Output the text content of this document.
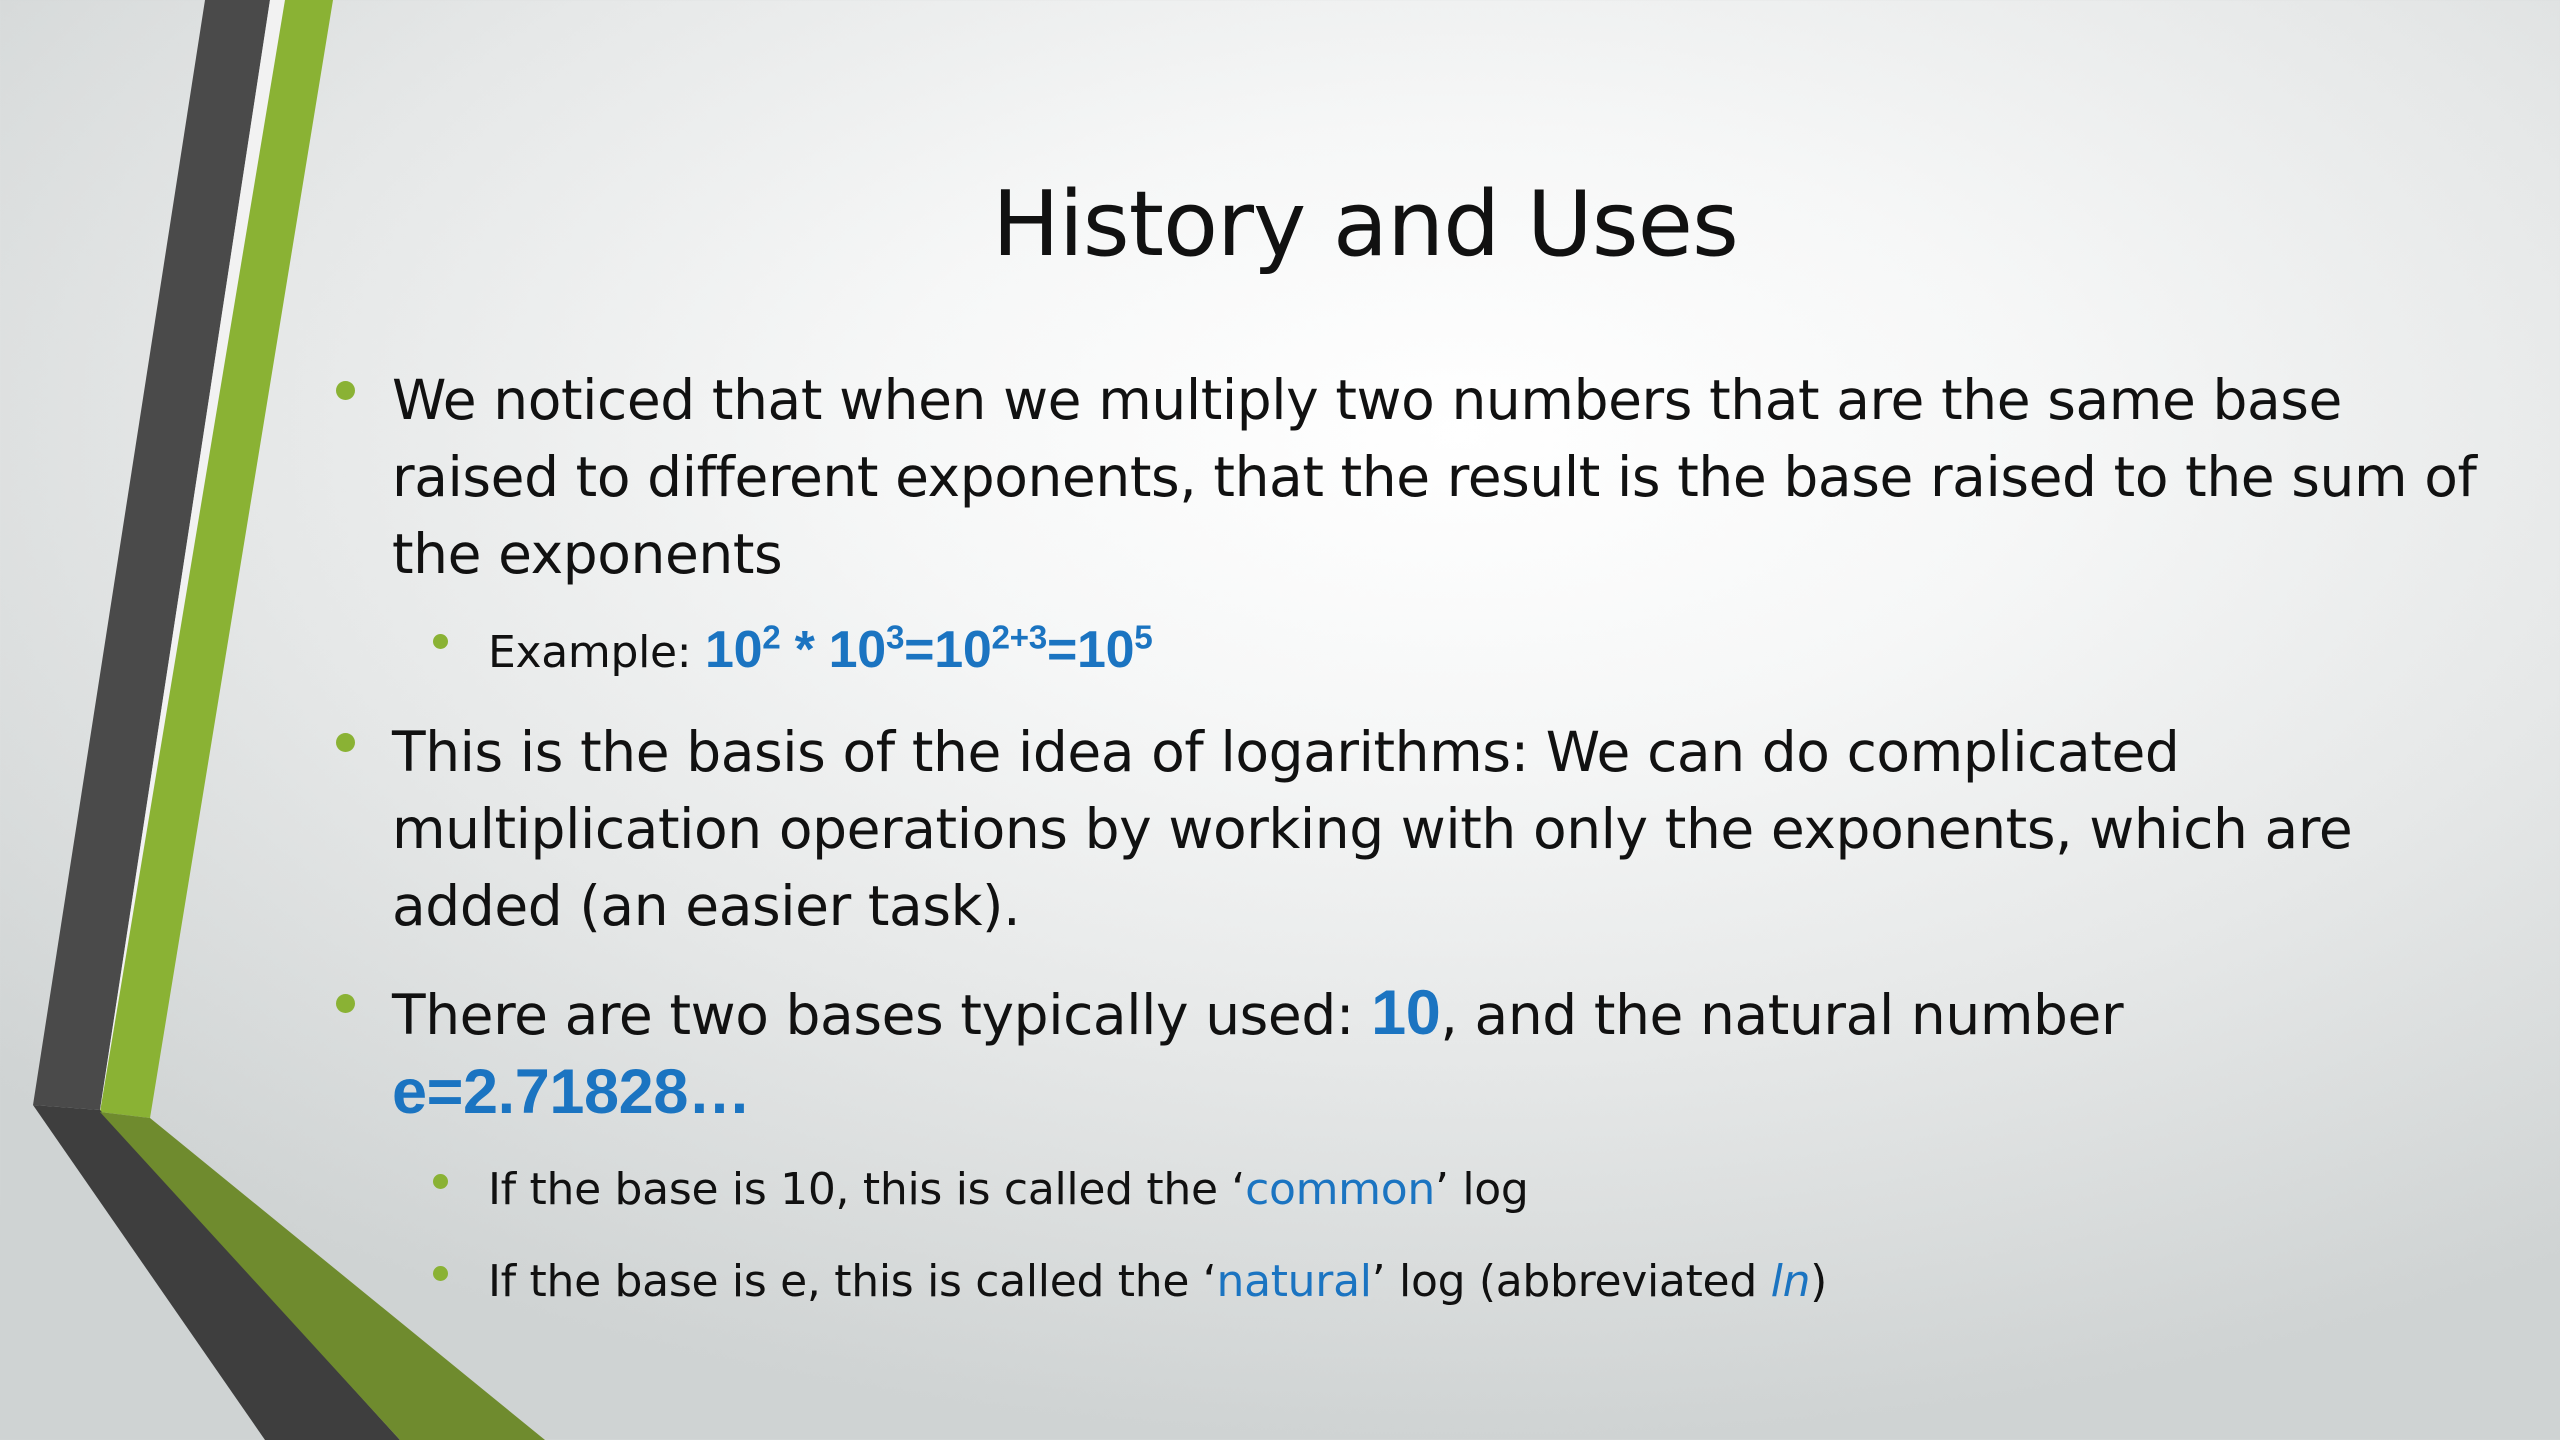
History and Uses

We noticed that when we multiply two numbers that are the same base raised to different exponents, that the result is the base raised to the sum of the exponents

Example: $10^2 * 10^3=10^{2+3}=10^5$

This is the basis of the idea of logarithms: We can do complicated multiplication operations by working with only the exponents, which are added (an easier task).

There are two bases typically used: 10, and the natural number e=2.71828…

If the base is 10, this is called the ‘common’ log

If the base is e, this is called the ‘natural’ log (abbreviated ln)
